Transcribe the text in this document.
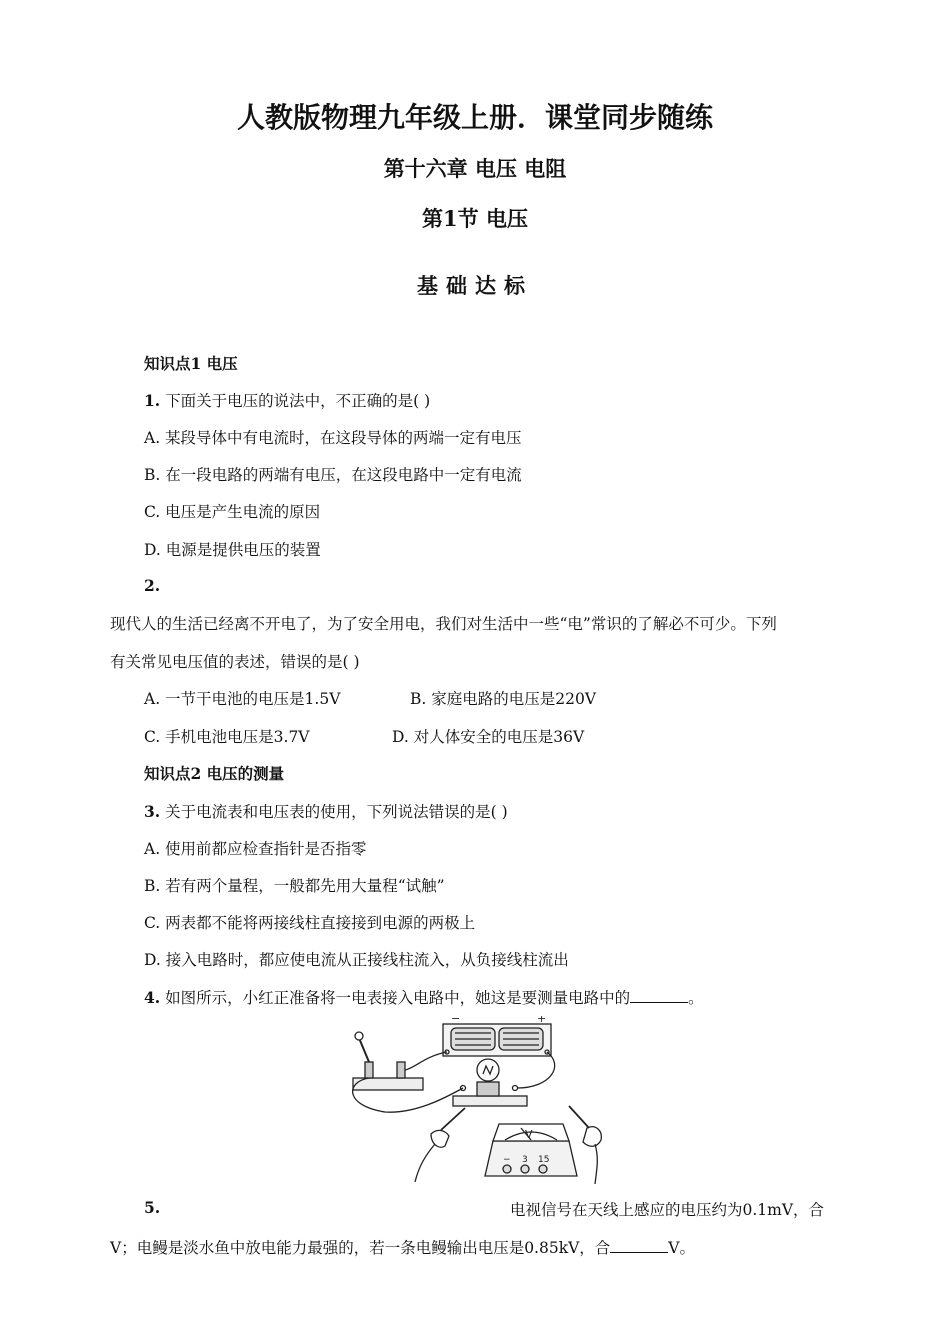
人教版物理九年级上册．课堂同步随练
第十六章 电压 电阻
第1节 电压
基础达标
知识点1 电压
1. 下面关于电压的说法中，不正确的是( )
A. 某段导体中有电流时，在这段导体的两端一定有电压
B. 在一段电路的两端有电压，在这段电路中一定有电流
C. 电压是产生电流的原因
D. 电源是提供电压的装置
2.
现代人的生活已经离不开电了，为了安全用电，我们对生活中一些“电”常识的了解必不可少。下列
有关常见电压值的表述，错误的是( )
A. 一节干电池的电压是1.5V	B. 家庭电路的电压是220V
C. 手机电池电压是3.7V	D. 对人体安全的电压是36V
知识点2 电压的测量
3. 关于电流表和电压表的使用，下列说法错误的是( )
A. 使用前都应检查指针是否指零
B. 若有两个量程，一般都先用大量程“试触”
C. 两表都不能将两接线柱直接接到电源的两极上
D. 接入电路时，都应使电流从正接线柱流入，从负接线柱流出
4. 如图所示，小红正准备将一电表接入电路中，她这是要测量电路中的	。
−	+
V
− 3 15
5.	电视信号在天线上感应的电压约为0.1mV，合
V；电鳗是淡水鱼中放电能力最强的，若一条电鳗输出电压是0.85kV，合	V。
